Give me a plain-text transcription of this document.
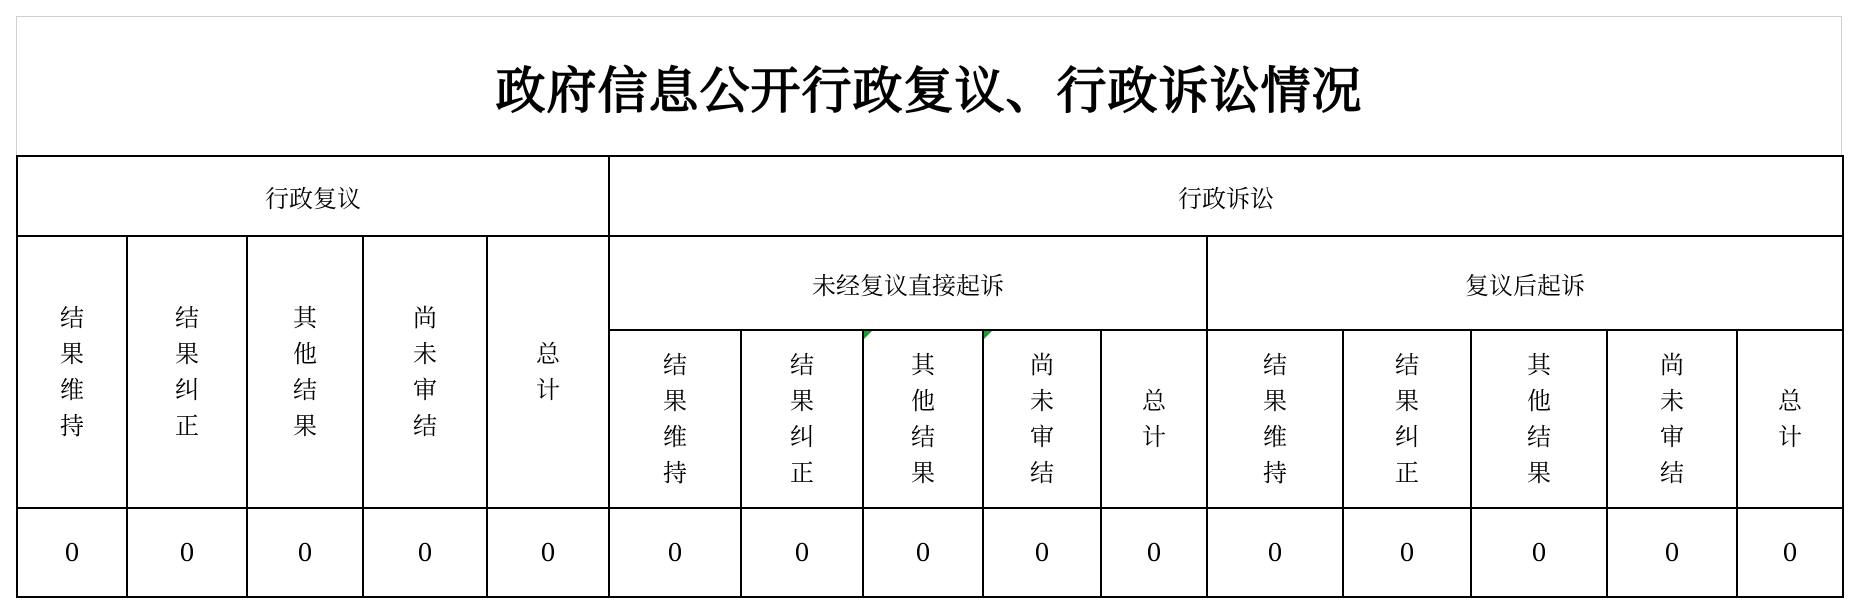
政府信息公开行政复议、行政诉讼情况
行政复议					行政诉讼									
结果维持	结果纠正	其他结果	尚未审结	总计	未经复议直接起诉					复议后起诉				
					结果维持	结果纠正	其他结果	尚未审结	总计	结果维持	结果纠正	其他结果	尚未审结	总计
0	0	0	0	0	0	0	0	0	0	0	0	0	0	0
